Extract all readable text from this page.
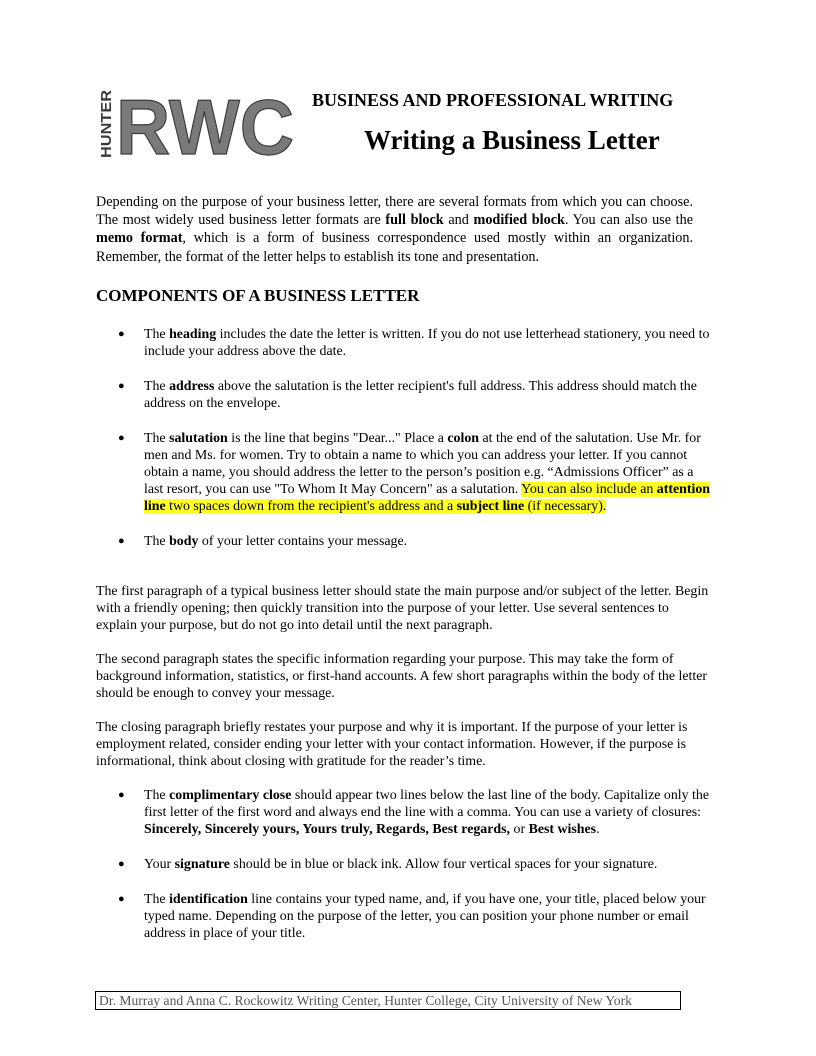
HUNTER RWC BUSINESS AND PROFESSIONAL WRITING
Writing a Business Letter
Depending on the purpose of your business letter, there are several formats from which you can choose. The most widely used business letter formats are full block and modified block. You can also use the memo format, which is a form of business correspondence used mostly within an organization. Remember, the format of the letter helps to establish its tone and presentation.
COMPONENTS OF A BUSINESS LETTER
● The heading includes the date the letter is written. If you do not use letterhead stationery, you need to include your address above the date.
● The address above the salutation is the letter recipient's full address. This address should match the address on the envelope.
● The salutation is the line that begins "Dear..." Place a colon at the end of the salutation. Use Mr. for men and Ms. for women. Try to obtain a name to which you can address your letter. If you cannot obtain a name, you should address the letter to the person’s position e.g. “Admissions Officer” as a last resort, you can use "To Whom It May Concern" as a salutation. You can also include an attention line two spaces down from the recipient's address and a subject line (if necessary).
● The body of your letter contains your message.
The first paragraph of a typical business letter should state the main purpose and/or subject of the letter. Begin with a friendly opening; then quickly transition into the purpose of your letter. Use several sentences to explain your purpose, but do not go into detail until the next paragraph.
The second paragraph states the specific information regarding your purpose. This may take the form of background information, statistics, or first-hand accounts. A few short paragraphs within the body of the letter should be enough to convey your message.
The closing paragraph briefly restates your purpose and why it is important. If the purpose of your letter is employment related, consider ending your letter with your contact information. However, if the purpose is informational, think about closing with gratitude for the reader’s time.
● The complimentary close should appear two lines below the last line of the body. Capitalize only the first letter of the first word and always end the line with a comma. You can use a variety of closures: Sincerely, Sincerely yours, Yours truly, Regards, Best regards, or Best wishes.
● Your signature should be in blue or black ink. Allow four vertical spaces for your signature.
● The identification line contains your typed name, and, if you have one, your title, placed below your typed name. Depending on the purpose of the letter, you can position your phone number or email address in place of your title.
Dr. Murray and Anna C. Rockowitz Writing Center, Hunter College, City University of New York
